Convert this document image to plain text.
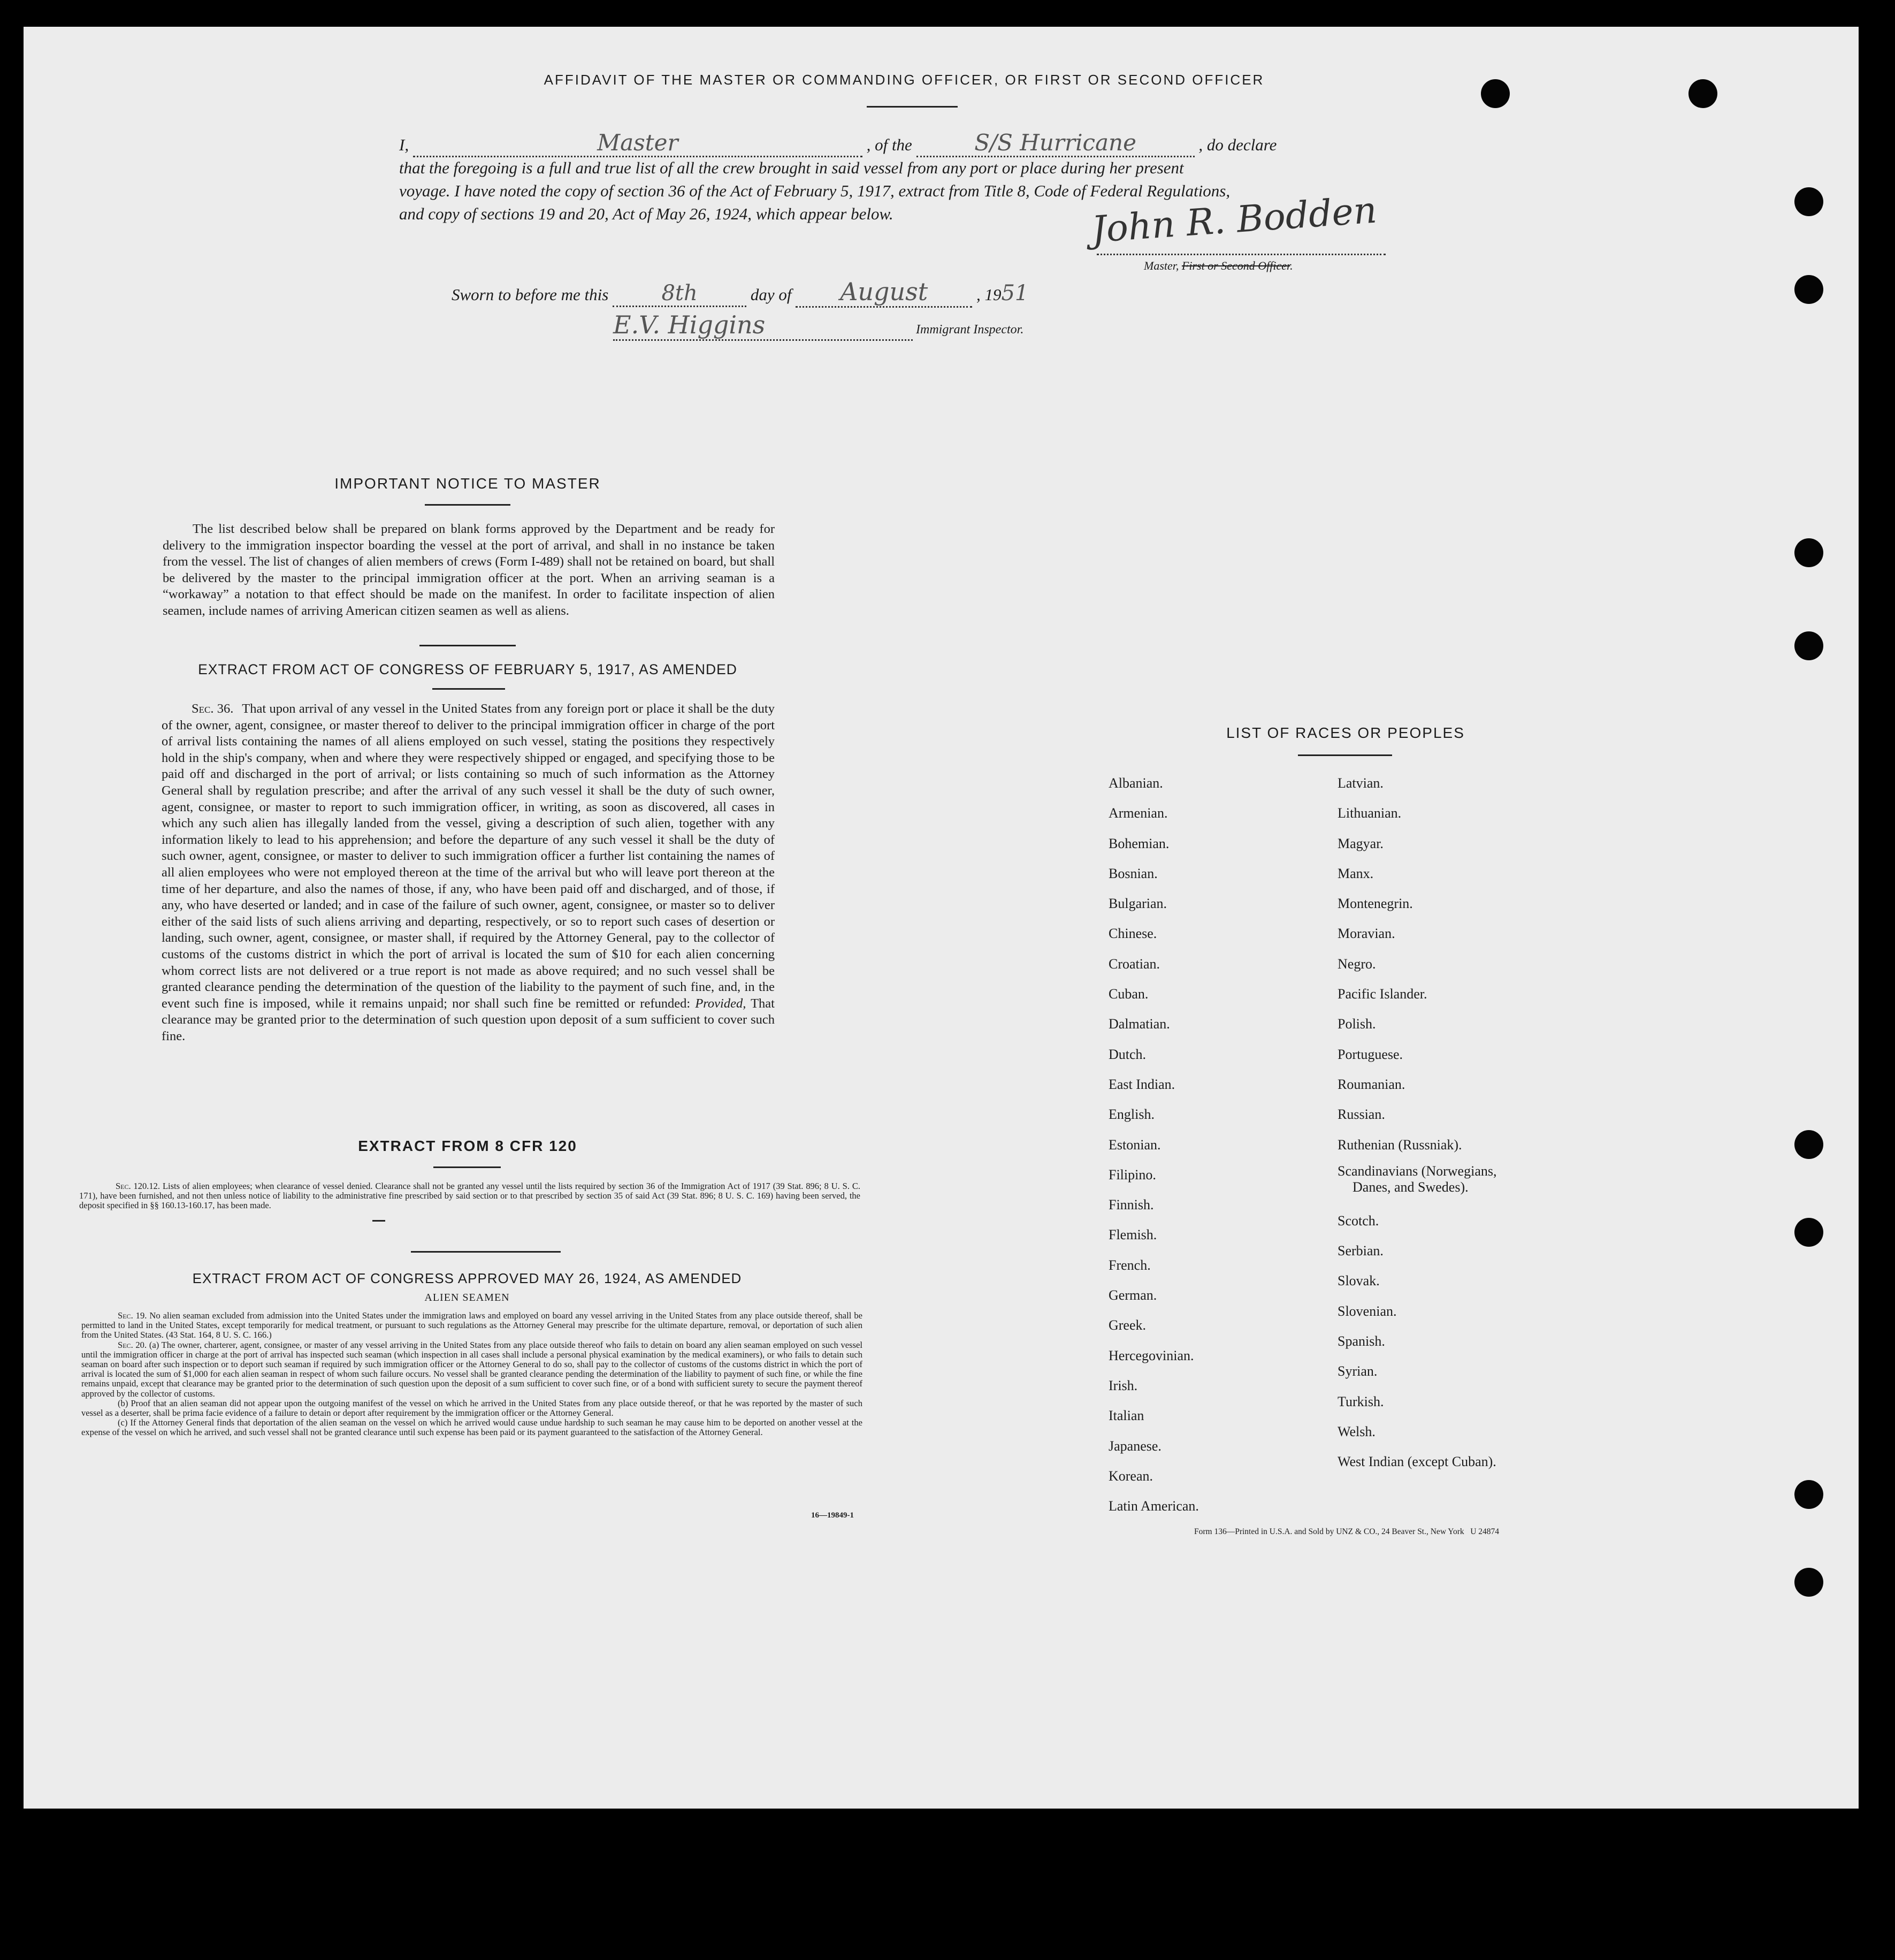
AFFIDAVIT OF THE MASTER OR COMMANDING OFFICER, OR FIRST OR SECOND OFFICER
I,	Master	, of the	S/S Hurricane	, do declare
that the foregoing is a full and true list of all the crew brought in said vessel from any port or place during her present
voyage. I have noted the copy of section 36 of the Act of February 5, 1917, extract from Title 8, Code of Federal Regulations,
and copy of sections 19 and 20, Act of May 26, 1924, which appear below.	John R. Bodden
Master, First or Second Officer.
Sworn to before me this 8th	day of August	, 1951
E.V. Higgins	Immigrant Inspector.
IMPORTANT NOTICE TO MASTER
The list described below shall be prepared on blank forms approved by the Department and be ready for delivery to the immigration inspector boarding the vessel at the port of arrival, and shall in no instance be taken from the vessel. The list of changes of alien members of crews (Form I-489) shall not be retained on board, but shall be delivered by the master to the principal immigration officer at the port. When an arriving seaman is a “workaway” a notation to that effect should be made on the manifest. In order to facilitate inspection of alien seamen, include names of arriving American citizen seamen as well as aliens.
EXTRACT FROM ACT OF CONGRESS OF FEBRUARY 5, 1917, AS AMENDED
Sec. 36. That upon arrival of any vessel in the United States from any foreign port or place it shall be the duty of the owner, agent, consignee, or master thereof to deliver to the principal immigration officer in charge of the port of arrival lists containing the names of all aliens employed on such vessel, stating the positions they respectively hold in the ship's company, when and where they were respectively shipped or engaged, and specifying those to be paid off and discharged in the port of arrival; or lists containing so much of such information as the Attorney General shall by regulation prescribe; and after the arrival of any such vessel it shall be the duty of such owner, agent, consignee, or master to report to such immigration officer, in writing, as soon as discovered, all cases in which any such alien has illegally landed from the vessel, giving a description of such alien, together with any information likely to lead to his apprehension; and before the departure of any such vessel it shall be the duty of such owner, agent, consignee, or master to deliver to such immigration officer a further list containing the names of all alien employees who were not employed thereon at the time of the arrival but who will leave port thereon at the time of her departure, and also the names of those, if any, who have been paid off and discharged, and of those, if any, who have deserted or landed; and in case of the failure of such owner, agent, consignee, or master so to deliver either of the said lists of such aliens arriving and departing, respectively, or so to report such cases of desertion or landing, such owner, agent, consignee, or master shall, if required by the Attorney General, pay to the collector of customs of the customs district in which the port of arrival is located the sum of $10 for each alien concerning whom correct lists are not delivered or a true report is not made as above required; and no such vessel shall be granted clearance pending the determination of the question of the liability to the payment of such fine, and, in the event such fine is imposed, while it remains unpaid; nor shall such fine be remitted or refunded: Provided, That clearance may be granted prior to the determination of such question upon deposit of a sum sufficient to cover such fine.
EXTRACT FROM 8 CFR 120
Sec. 120.12. Lists of alien employees; when clearance of vessel denied. Clearance shall not be granted any vessel until the lists required by section 36 of the Immigration Act of 1917 (39 Stat. 896; 8 U. S. C. 171), have been furnished, and not then unless notice of liability to the administrative fine prescribed by said section or to that prescribed by section 35 of said Act (39 Stat. 896; 8 U. S. C. 169) having been served, the deposit specified in §§ 160.13-160.17, has been made.
EXTRACT FROM ACT OF CONGRESS APPROVED MAY 26, 1924, AS AMENDED
ALIEN SEAMEN
Sec. 19. No alien seaman excluded from admission into the United States under the immigration laws and employed on board any vessel arriving in the United States from any place outside thereof, shall be permitted to land in the United States, except temporarily for medical treatment, or pursuant to such regulations as the Attorney General may prescribe for the ultimate departure, removal, or deportation of such alien from the United States. (43 Stat. 164, 8 U. S. C. 166.)
Sec. 20. (a) The owner, charterer, agent, consignee, or master of any vessel arriving in the United States from any place outside thereof who fails to detain on board any alien seaman employed on such vessel until the immigration officer in charge at the port of arrival has inspected such seaman (which inspection in all cases shall include a personal physical examination by the medical examiners), or who fails to detain such seaman on board after such inspection or to deport such seaman if required by such immigration officer or the Attorney General to do so, shall pay to the collector of customs of the customs district in which the port of arrival is located the sum of $1,000 for each alien seaman in respect of whom such failure occurs. No vessel shall be granted clearance pending the determination of the liability to payment of such fine, or while the fine remains unpaid, except that clearance may be granted prior to the determination of such question upon the deposit of a sum sufficient to cover such fine, or of a bond with sufficient surety to secure the payment thereof approved by the collector of customs.
(b) Proof that an alien seaman did not appear upon the outgoing manifest of the vessel on which he arrived in the United States from any place outside thereof, or that he was reported by the master of such vessel as a deserter, shall be prima facie evidence of a failure to detain or deport after requirement by the immigration officer or the Attorney General.
(c) If the Attorney General finds that deportation of the alien seaman on the vessel on which he arrived would cause undue hardship to such seaman he may cause him to be deported on another vessel at the expense of the vessel on which he arrived, and such vessel shall not be granted clearance until such expense has been paid or its payment guaranteed to the satisfaction of the Attorney General.
16—19849-1
LIST OF RACES OR PEOPLES
Albanian.
Armenian.
Bohemian.
Bosnian.
Bulgarian.
Chinese.
Croatian.
Cuban.
Dalmatian.
Dutch.
East Indian.
English.
Estonian.
Filipino.
Finnish.
Flemish.
French.
German.
Greek.
Hercegovinian.
Irish.
Italian
Japanese.
Korean.
Latin American.
Latvian.
Lithuanian.
Magyar.
Manx.
Montenegrin.
Moravian.
Negro.
Pacific Islander.
Polish.
Portuguese.
Roumanian.
Russian.
Ruthenian (Russniak).
Scandinavians (Norwegians,
Danes, and Swedes).
Scotch.
Serbian.
Slovak.
Slovenian.
Spanish.
Syrian.
Turkish.
Welsh.
West Indian (except Cuban).
Form 136—Printed in U.S.A. and Sold by UNZ & CO., 24 Beaver St., New York   U 24874
